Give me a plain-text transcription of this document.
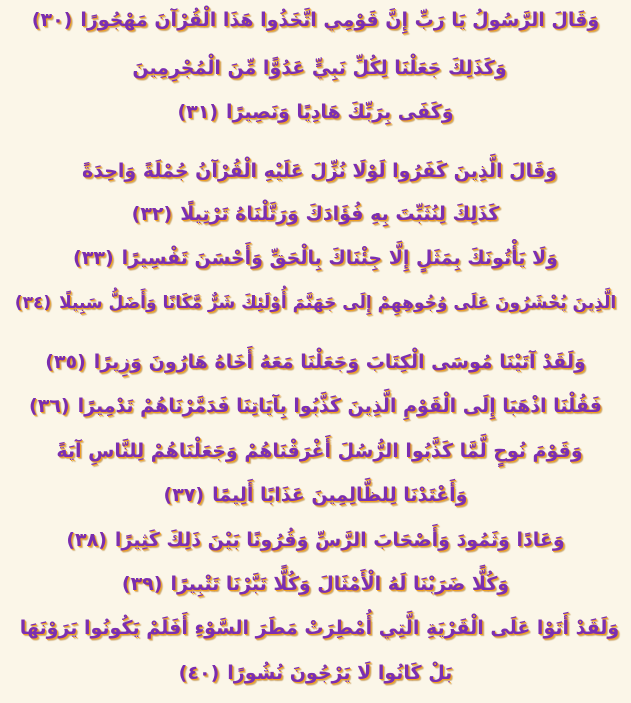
وَقَالَ الرَّسُولُ يَا رَبِّ إِنَّ قَوْمِي اتَّخَذُوا هَذَا الْقُرْآنَ مَهْجُورًا(٣٠)
وَكَذَلِكَ جَعَلْنَا لِكُلِّ نَبِيٍّ عَدُوًّا مِّنَ الْمُجْرِمِينَ
وَكَفَى بِرَبِّكَ هَادِيًا وَنَصِيرًا(٣١)
وَقَالَ الَّذِينَ كَفَرُوا لَوْلَا نُزِّلَ عَلَيْهِ الْقُرْآنُ جُمْلَةً وَاحِدَةً
كَذَلِكَ لِنُثَبِّتَ بِهِ فُؤَادَكَ وَرَتَّلْنَاهُ تَرْتِيلًا(٣٢)
وَلَا يَأْتُونَكَ بِمَثَلٍ إِلَّا جِئْنَاكَ بِالْحَقِّ وَأَحْسَنَ تَفْسِيرًا(٣٣)
الَّذِينَ يُحْشَرُونَ عَلَى وُجُوهِهِمْ إِلَى جَهَنَّمَ أُوْلَئِكَ شَرٌّ مَّكَانًا وَأَضَلُّ سَبِيلًا(٣٤)
وَلَقَدْ آتَيْنَا مُوسَى الْكِتَابَ وَجَعَلْنَا مَعَهُ أَخَاهُ هَارُونَ وَزِيرًا(٣٥)
فَقُلْنَا اذْهَبَا إِلَى الْقَوْمِ الَّذِينَ كَذَّبُوا بِآيَاتِنَا فَدَمَّرْنَاهُمْ تَدْمِيرًا(٣٦)
وَقَوْمَ نُوحٍ لَّمَّا كَذَّبُوا الرُّسُلَ أَغْرَقْنَاهُمْ وَجَعَلْنَاهُمْ لِلنَّاسِ آيَةً
وَأَعْتَدْنَا لِلظَّالِمِينَ عَذَابًا أَلِيمًا(٣٧)
وَعَادًا وَثَمُودَ وَأَصْحَابَ الرَّسِّ وَقُرُونًا بَيْنَ ذَلِكَ كَثِيرًا(٣٨)
وَكُلًّا ضَرَبْنَا لَهُ الْأَمْثَالَ وَكُلًّا تَبَّرْنَا تَتْبِيرًا(٣٩)
وَلَقَدْ أَتَوْا عَلَى الْقَرْيَةِ الَّتِي أُمْطِرَتْ مَطَرَ السَّوْءِ أَفَلَمْ يَكُونُوا يَرَوْنَهَا
بَلْ كَانُوا لَا يَرْجُونَ نُشُورًا(٤٠)
